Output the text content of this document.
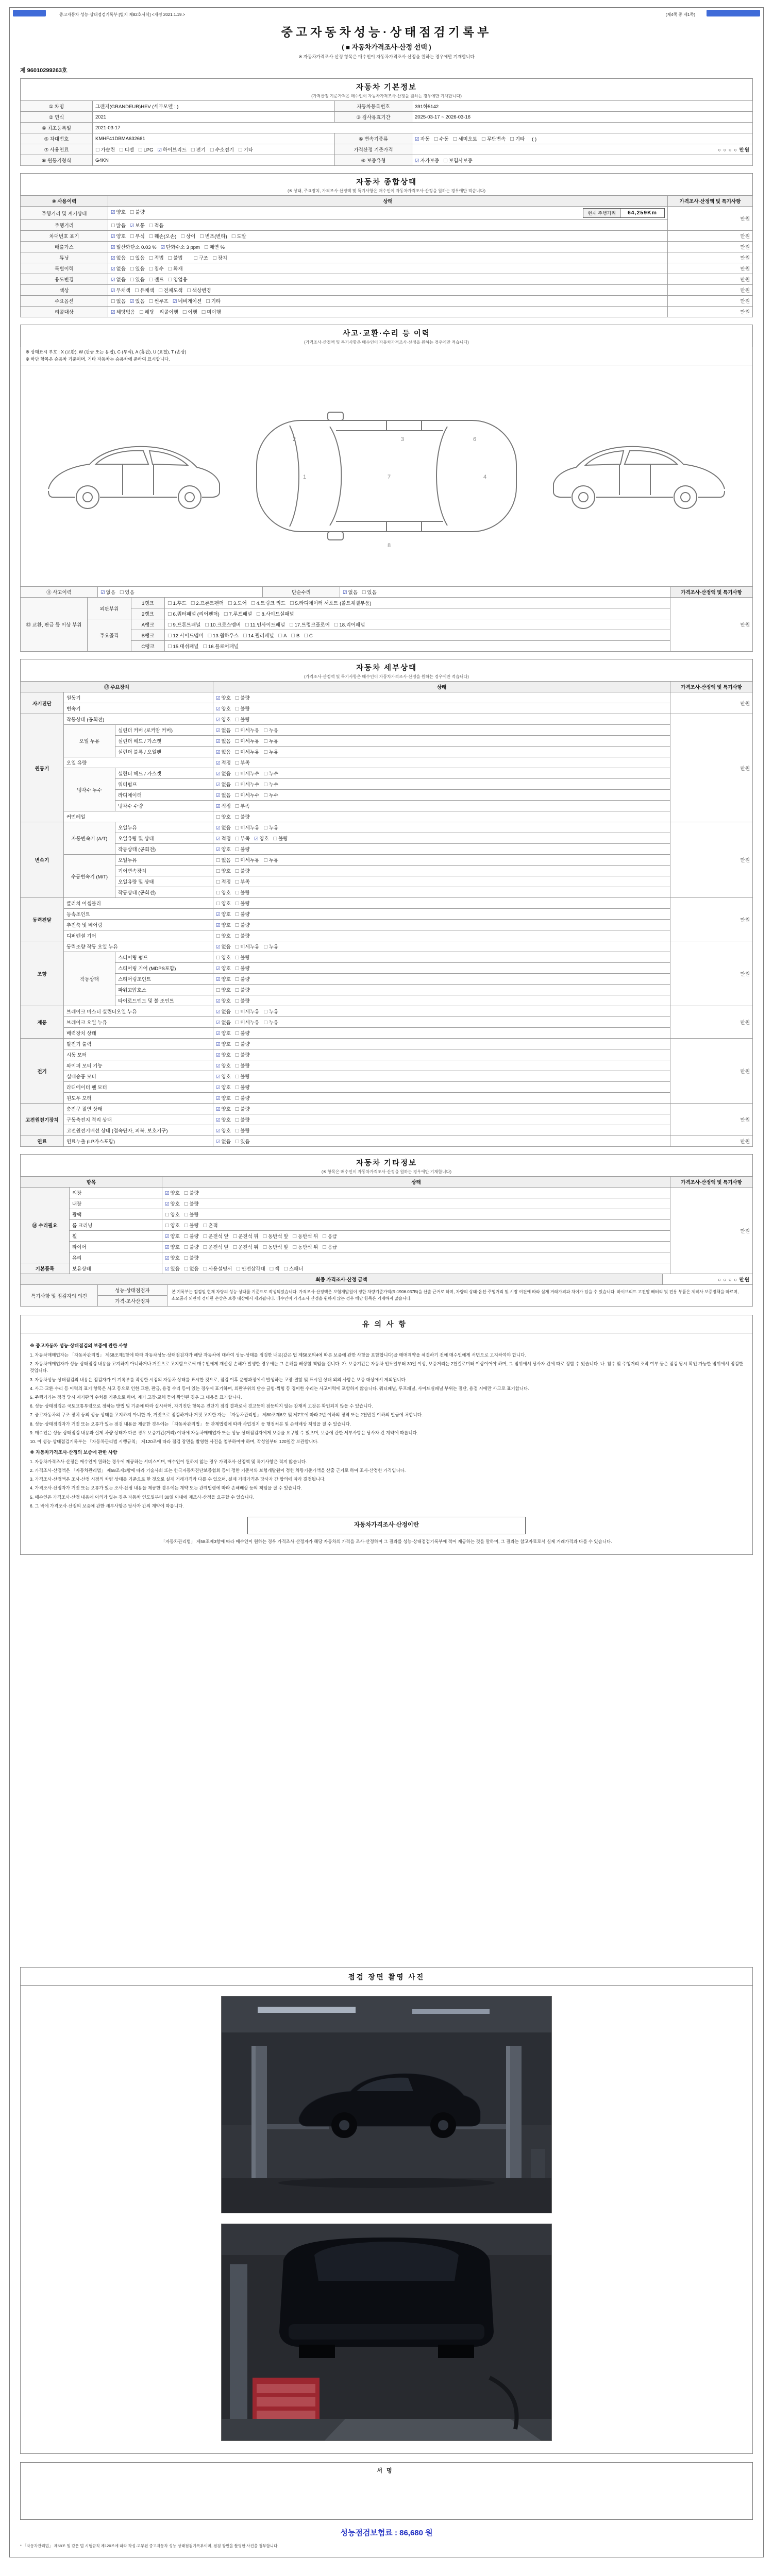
중고자동차 성능·상태점검기록부 [별지 제82호서식] <개정 2021.1.19.>	(제4쪽 중 제1쪽)
중고자동차성능·상태점검기록부
( ■ 자동차가격조사·산정 선택 )
※ 자동차가격조사·산정 항목은 매수인이 자동차가격조사·산정을 원하는 경우에만 기재합니다
제 96010299263호
자동차 기본정보
(가격산정 기준가격은 매수인이 자동차가격조사·산정을 원하는 경우에만 기재합니다)
① 차명	그랜저(GRANDEUR)HEV (세부모델 : )	자동차등록번호	391하5142
② 연식	2021	③ 검사유효기간	2025-03-17 ~ 2026-03-16
④ 최초등록일	2021-03-17		
⑤ 차대번호	KMHF41DBMA632661	⑥ 변속기종류	☑ 자동 ☐ 수동 ☐ 세미오토 ☐ 무단변속 ☐ 기타 ( )
⑦ 사용연료	☐ 가솔린 ☐ 디젤 ☐ LPG ☑ 하이브리드 ☐ 전기 ☐ 수소전기 ☐ 기타	가격산정 기준가격	○ ○ ○ ○ 만원
⑧ 원동기형식	G4KN	⑨ 보증유형	☑ 자가보증 ☐ 보험사보증
자동차 종합상태
(※ 상태, 주요장치, 가격조사·산정액 및 특기사항은 매수인이 자동차가격조사·산정을 원하는 경우에만 적습니다)
⑩ 사용이력	상태	가격조사·산정액 및 특기사항
주행거리 및 계기상태	☑ 양호 ☐ 불량 현재 주행거리 64,259Km	만원
주행거리	☐ 많음 ☑ 보통 ☐ 적음	
차대번호 표기	☑ 양호 ☐ 부식 ☐ 훼손(오손) ☐ 상이 ☐ 변조(변타) ☐ 도말	만원
배출가스	☑ 일산화탄소 0.03 % ☑ 탄화수소 3 ppm ☐ 매연 %	만원
튜닝	☑ 없음 ☐ 있음 ☐ 적법 ☐ 불법 ☐ 구조 ☐ 장치	만원
특별이력	☑ 없음 ☐ 있음 ☐ 침수 ☐ 화재	만원
용도변경	☑ 없음 ☐ 있음 ☐ 렌트 ☐ 영업용	만원
색상	☑ 무채색 ☐ 유채색 ☐ 전체도색 ☐ 색상변경	만원
주요옵션	☐ 없음 ☑ 있음 ☐ 썬루프 ☑ 네비게이션 ☐ 기타	만원
리콜대상	☑ 해당없음 ☐ 해당 리콜이행 ☐ 이행 ☐ 미이행	만원
사고·교환·수리 등 이력
(가격조사·산정액 및 특기사항은 매수인이 자동차가격조사·산정을 원하는 경우에만 적습니다)
※ 상태표시 부호 : X (교환), W (판금 또는 용접), C (부식), A (흠집), U (요철), T (손상)
※ 하단 항목은 승용차 기준이며, 기타 자동차는 승용차에 준하여 표시합니다.
1
2	3
4
6
7
8
⑪ 사고이력	☑ 없음 ☐ 있음	단순수리	☑ 없음 ☐ 있음	가격조사·산정액 및 특기사항
⑫ 교환, 판금 등 이상 부위	외판부위	1랭크	☐ 1.후드 ☐ 2.프론트펜더 ☐ 3.도어 ☐ 4.트렁크 리드 ☐ 5.라디에이터 서포트 (볼트체결부품)	만원
		2랭크	☐ 6.쿼터패널 (리어펜더) ☐ 7.루프패널 ☐ 8.사이드실패널	
	주요골격	A랭크	☐ 9.프론트패널 ☐ 10.크로스멤버 ☐ 11.인사이드패널 ☐ 17.트렁크플로어 ☐ 18.리어패널	
		B랭크	☐ 12.사이드멤버 ☐ 13.휠하우스 ☐ 14.필러패널 ☐ A ☐ B ☐ C	
		C랭크	☐ 15.대쉬패널 ☐ 16.플로어패널	
자동차 세부상태
(가격조사·산정액 및 특기사항은 매수인이 자동차가격조사·산정을 원하는 경우에만 적습니다)
⑬ 주요장치			상태	가격조사·산정액 및 특기사항
자기진단	원동기		☑ 양호 ☐ 불량	만원
	변속기		☑ 양호 ☐ 불량	
원동기	작동상태 (공회전)		☑ 양호 ☐ 불량	만원
	오일 누유	실린더 커버 (로커암 커버)	☑ 없음 ☐ 미세누유 ☐ 누유	
		실린더 헤드 / 가스켓	☑ 없음 ☐ 미세누유 ☐ 누유	
		실린더 블록 / 오일팬	☑ 없음 ☐ 미세누유 ☐ 누유	
	오일 유량		☑ 적정 ☐ 부족	
	냉각수 누수	실린더 헤드 / 가스켓	☑ 없음 ☐ 미세누수 ☐ 누수	
		워터펌프	☑ 없음 ☐ 미세누수 ☐ 누수	
		라디에이터	☑ 없음 ☐ 미세누수 ☐ 누수	
		냉각수 수량	☑ 적정 ☐ 부족	
	커먼레일		☐ 양호 ☐ 불량	
변속기	자동변속기 (A/T)	오일누유	☑ 없음 ☐ 미세누유 ☐ 누유	만원
		오일유량 및 상태	☑ 적정 ☐ 부족 ☑ 양호 ☐ 불량	
		작동상태 (공회전)	☑ 양호 ☐ 불량	
	수동변속기 (M/T)	오일누유	☐ 없음 ☐ 미세누유 ☐ 누유	
		기어변속장치	☐ 양호 ☐ 불량	
		오일유량 및 상태	☐ 적정 ☐ 부족	
		작동상태 (공회전)	☐ 양호 ☐ 불량	
동력전달	클러치 어셈블리		☐ 양호 ☐ 불량	만원
	등속조인트		☑ 양호 ☐ 불량	
	추진축 및 베어링		☑ 양호 ☐ 불량	
	디퍼렌셜 기어		☐ 양호 ☐ 불량	
조향	동력조향 작동 오일 누유		☑ 없음 ☐ 미세누유 ☐ 누유	만원
	작동상태	스티어링 펌프	☐ 양호 ☐ 불량	
		스티어링 기어 (MDPS포함)	☑ 양호 ☐ 불량	
		스티어링조인트	☑ 양호 ☐ 불량	
		파워고압호스	☐ 양호 ☐ 불량	
		타이로드엔드 및 볼 조인트	☑ 양호 ☐ 불량	
제동	브레이크 마스터 실린더오일 누유		☑ 없음 ☐ 미세누유 ☐ 누유	만원
	브레이크 오일 누유		☑ 없음 ☐ 미세누유 ☐ 누유	
	배력장치 상태		☑ 양호 ☐ 불량	
전기	발전기 출력		☑ 양호 ☐ 불량	만원
	시동 모터		☑ 양호 ☐ 불량	
	와이퍼 모터 기능		☑ 양호 ☐ 불량	
	실내송풍 모터		☑ 양호 ☐ 불량	
	라디에이터 팬 모터		☑ 양호 ☐ 불량	
	윈도우 모터		☑ 양호 ☐ 불량	
고전원전기장치	충전구 절연 상태		☑ 양호 ☐ 불량	만원
	구동축전지 격리 상태		☑ 양호 ☐ 불량	
	고전원전기배선 상태 (접속단자, 피복, 보호기구)		☑ 양호 ☐ 불량	
연료	연료누출 (LP가스포함)		☑ 없음 ☐ 있음	만원
자동차 기타정보
(※ 항목은 매수인이 자동차가격조사·산정을 원하는 경우에만 기재합니다)
항목		상태	가격조사·산정액 및 특기사항
⑭ 수리필요	외장	☑ 양호 ☐ 불량	만원
	내장	☑ 양호 ☐ 불량	
	광택	☐ 양호 ☐ 불량	
	룸 크리닝	☐ 양호 ☐ 불량 ☐ 흔적	
	휠	☑ 양호 ☐ 불량 ☐ 운전석 앞 ☐ 운전석 뒤 ☐ 동반석 앞 ☐ 동반석 뒤 ☐ 응급	
	타이어	☑ 양호 ☐ 불량 ☐ 운전석 앞 ☐ 운전석 뒤 ☐ 동반석 앞 ☐ 동반석 뒤 ☐ 응급	
	유리	☑ 양호 ☐ 불량	
기본품목	보유상태	☑ 있음 ☐ 없음 ☐ 사용설명서 ☐ 안전삼각대 ☐ 잭 ☐ 스패너	
최종 가격조사·산정 금액			○ ○ ○ ○ 만원
특기사항 및 점검자의 의견	성능·상태점검자	본 기록부는 점검일 현재 차량의 성능·상태를 기준으로 작성되었습니다. 가격조사·산정액은 보험개발원이 정한 차량기준가액(R-1906.037B)을 산출 근거로 하며, 차량의 상태·옵션·주행거리 및 시장 여건에 따라 실제 거래가격과 차이가 있을 수 있습니다. 하이브리드 고전압 배터리 및 전용 부품은 제작사 보증정책을 따르며, 소모품과 외관의 경미한 손상은 보증 대상에서 제외됩니다. 매수인이 가격조사·산정을 원하지 않는 경우 해당 항목은 기재하지 않습니다.	
	가격·조사산정자		
유의사항
※ 중고자동차 성능·상태점검의 보증에 관한 사항
1. 자동차매매업자는 「자동차관리법」 제58조제1항에 따라 자동차성능·상태점검자가 해당 자동차에 대하여 성능·상태를 점검한 내용(같은 법 제58조의4에 따른 보증에 관한 사항을 포함합니다)을 매매계약을 체결하기 전에 매수인에게 서면으로 고지하여야 합니다.
2. 자동차매매업자가 성능·상태점검 내용을 고지하지 아니하거나 거짓으로 고지함으로써 매수인에게 재산상 손해가 발생한 경우에는 그 손해를 배상할 책임을 집니다. 가. 보증기간은 자동차 인도일부터 30일 이상, 보증거리는 2천킬로미터 이상이어야 하며, 그 범위에서 당사자 간에 따로 정할 수 있습니다. 나. 침수 및 주행거리 조작 여부 등은 점검 당시 확인 가능한 범위에서 점검한 것입니다.
3. 자동차성능·상태점검의 내용은 점검자가 이 기록부를 작성한 시점의 자동차 상태를 표시한 것으로, 점검 이후 운행과정에서 발생하는 고장·결함 및 표시된 상태 외의 사항은 보증 대상에서 제외됩니다.
4. 사고·교환·수리 등 이력의 표기 항목은 사고 등으로 인한 교환, 판금, 용접 수리 등이 있는 경우에 표기하며, 외판부위의 단순 긁힘·찍힘 등 경미한 수리는 사고이력에 포함하지 않습니다. 쿼터패널, 루프패널, 사이드실패널 부위는 절단, 용접 시에만 사고로 표기합니다.
5. 주행거리는 점검 당시 계기판의 수치를 기준으로 하며, 계기 고장·교체 등이 확인된 경우 그 내용을 표기합니다.
6. 성능·상태점검은 국토교통부령으로 정하는 방법 및 기준에 따라 실시하며, 자기진단 항목은 진단기 점검 결과로서 경고등이 점등되지 않는 잠재적 고장은 확인되지 않을 수 있습니다.
7. 중고자동차의 구조·장치 등의 성능·상태를 고지하지 아니한 자, 거짓으로 점검하거나 거짓 고지한 자는 「자동차관리법」 제80조제6호 및 제7호에 따라 2년 이하의 징역 또는 2천만원 이하의 벌금에 처합니다.
8. 성능·상태점검자가 거짓 또는 오류가 있는 점검 내용을 제공한 경우에는 「자동차관리법」 등 관계법령에 따라 사업정지 등 행정처분 및 손해배상 책임을 질 수 있습니다.
9. 매수인은 성능·상태점검 내용과 실제 차량 상태가 다른 경우 보증기간(거리) 이내에 자동차매매업자 또는 성능·상태점검자에게 보증을 요구할 수 있으며, 보증에 관한 세부사항은 당사자 간 계약에 따릅니다.
10. 이 성능·상태점검기록부는 「자동차관리법 시행규칙」 제120조에 따라 점검 장면을 촬영한 사진을 첨부하여야 하며, 작성일부터 120일간 보관합니다.
※ 자동차가격조사·산정의 보증에 관한 사항
1. 자동차가격조사·산정은 매수인이 원하는 경우에 제공하는 서비스이며, 매수인이 원하지 않는 경우 가격조사·산정액 및 특기사항은 적지 않습니다.
2. 가격조사·산정액은 「자동차관리법」 제58조제3항에 따라 기술사회 또는 한국자동차진단보증협회 등이 정한 기준서와 보험개발원이 정한 차량기준가액을 산출 근거로 하여 조사·산정한 가격입니다.
3. 가격조사·산정액은 조사·산정 시점의 차량 상태를 기준으로 한 것으로 실제 거래가격과 다를 수 있으며, 실제 거래가격은 당사자 간 합의에 따라 결정됩니다.
4. 가격조사·산정자가 거짓 또는 오류가 있는 조사·산정 내용을 제공한 경우에는 계약 또는 관계법령에 따라 손해배상 등의 책임을 질 수 있습니다.
5. 매수인은 가격조사·산정 내용에 이의가 있는 경우 자동차 인도일부터 30일 이내에 재조사·산정을 요구할 수 있습니다.
6. 그 밖에 가격조사·산정의 보증에 관한 세부사항은 당사자 간의 계약에 따릅니다.
자동차가격조사·산정이란
「자동차관리법」 제58조제3항에 따라 매수인이 원하는 경우 가격조사·산정자가 해당 자동차의 가격을 조사·산정하여 그 결과를 성능·상태점검기록부에 적어 제공하는 것을 말하며, 그 결과는 참고자료로서 실제 거래가격과 다를 수 있습니다.
점검 장면 촬영 사진
서명
성능점검보험료 : 86,680 원
* 「자동차관리법」 제58조 및 같은 법 시행규칙 제120조에 따라 작성·교부된 중고자동차 성능·상태점검기록부이며, 점검 장면을 촬영한 사진을 첨부합니다.
